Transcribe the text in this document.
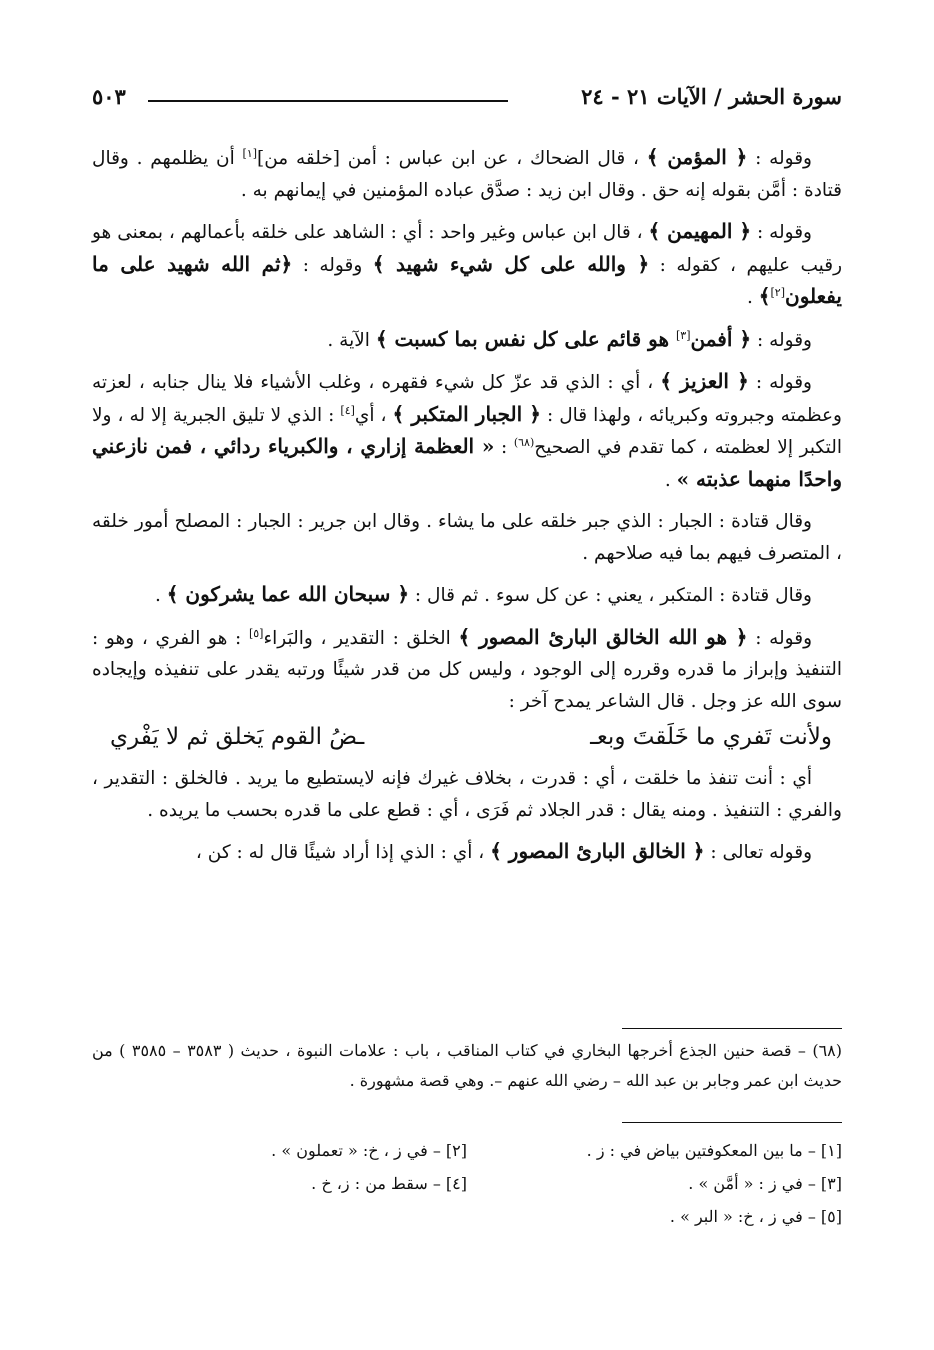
سورة الحشر / الآيات ٢١ - ٢٤
٥٠٣

وقوله : ﴿ المؤمن ﴾ ، قال الضحاك ، عن ابن عباس : أمن [خلقه من][١] أن يظلمهم . وقال قتادة : أمَّن بقوله إنه حق . وقال ابن زيد : صدَّق عباده المؤمنين في إيمانهم به .

وقوله : ﴿ المهيمن ﴾ ، قال ابن عباس وغير واحد : أي : الشاهد على خلقه بأعمالهم ، بمعنى هو رقيب عليهم ، كقوله : ﴿ والله على كل شيء شهيد ﴾ وقوله : ﴿ثم الله شهيد على ما يفعلون[٢]﴾ .

وقوله : ﴿ أفمن[٣] هو قائم على كل نفس بما كسبت ﴾ الآية .

وقوله : ﴿ العزيز ﴾ ، أي : الذي قد عزّ كل شيء فقهره ، وغلب الأشياء فلا ينال جنابه ، لعزته وعظمته وجبروته وكبريائه ، ولهذا قال : ﴿ الجبار المتكبر ﴾ ، أي[٤] : الذي لا تليق الجبرية إلا له ، ولا التكبر إلا لعظمته ، كما تقدم في الصحيح$^{(٦٨)}$ : « العظمة إزاري ، والكبرياء ردائي ، فمن نازعني واحدًا منهما عذبته » .

وقال قتادة : الجبار : الذي جبر خلقه على ما يشاء . وقال ابن جرير : الجبار : المصلح أمور خلقه ، المتصرف فيهم بما فيه صلاحهم .

وقال قتادة : المتكبر ، يعني : عن كل سوء . ثم قال : ﴿ سبحان الله عما يشركون ﴾ .

وقوله : ﴿ هو الله الخالق البارئ المصور ﴾ الخلق : التقدير ، والبَراء[٥] : هو الفري ، وهو : التنفيذ وإبراز ما قدره وقرره إلى الوجود ، وليس كل من قدر شيئًا ورتبه يقدر على تنفيذه وإيجاده سوى الله عز وجل . قال الشاعر يمدح آخر :

ولأنت تَفري ما خَلَقتَ وبعـ
ـضُ القوم يَخلق ثم لا يَفْري

أي : أنت تنفذ ما خلقت ، أي : قدرت ، بخلاف غيرك فإنه لايستطيع ما يريد . فالخلق : التقدير ، والفري : التنفيذ . ومنه يقال : قدر الجلاد ثم فَرَى ، أي : قطع على ما قدره بحسب ما يريده .

وقوله تعالى : ﴿ الخالق البارئ المصور ﴾ ، أي : الذي إذا أراد شيئًا قال له : كن ،

(٦٨) – قصة حنين الجذع أخرجها البخاري في كتاب المناقب ، باب : علامات النبوة ، حديث ( ٣٥٨٣ – ٣٥٨٥ ) من حديث ابن عمر وجابر بن عبد الله – رضي الله عنهم –. وهي قصة مشهورة .
[١] – ما بين المعكوفتين بياض في : ز .
[٢] – في ز ، خ: « تعملون » .
[٣] – في ز : « أمَّن » .
[٤] – سقط من : ز، خ .
[٥] – في ز ، خ: « البر » .
